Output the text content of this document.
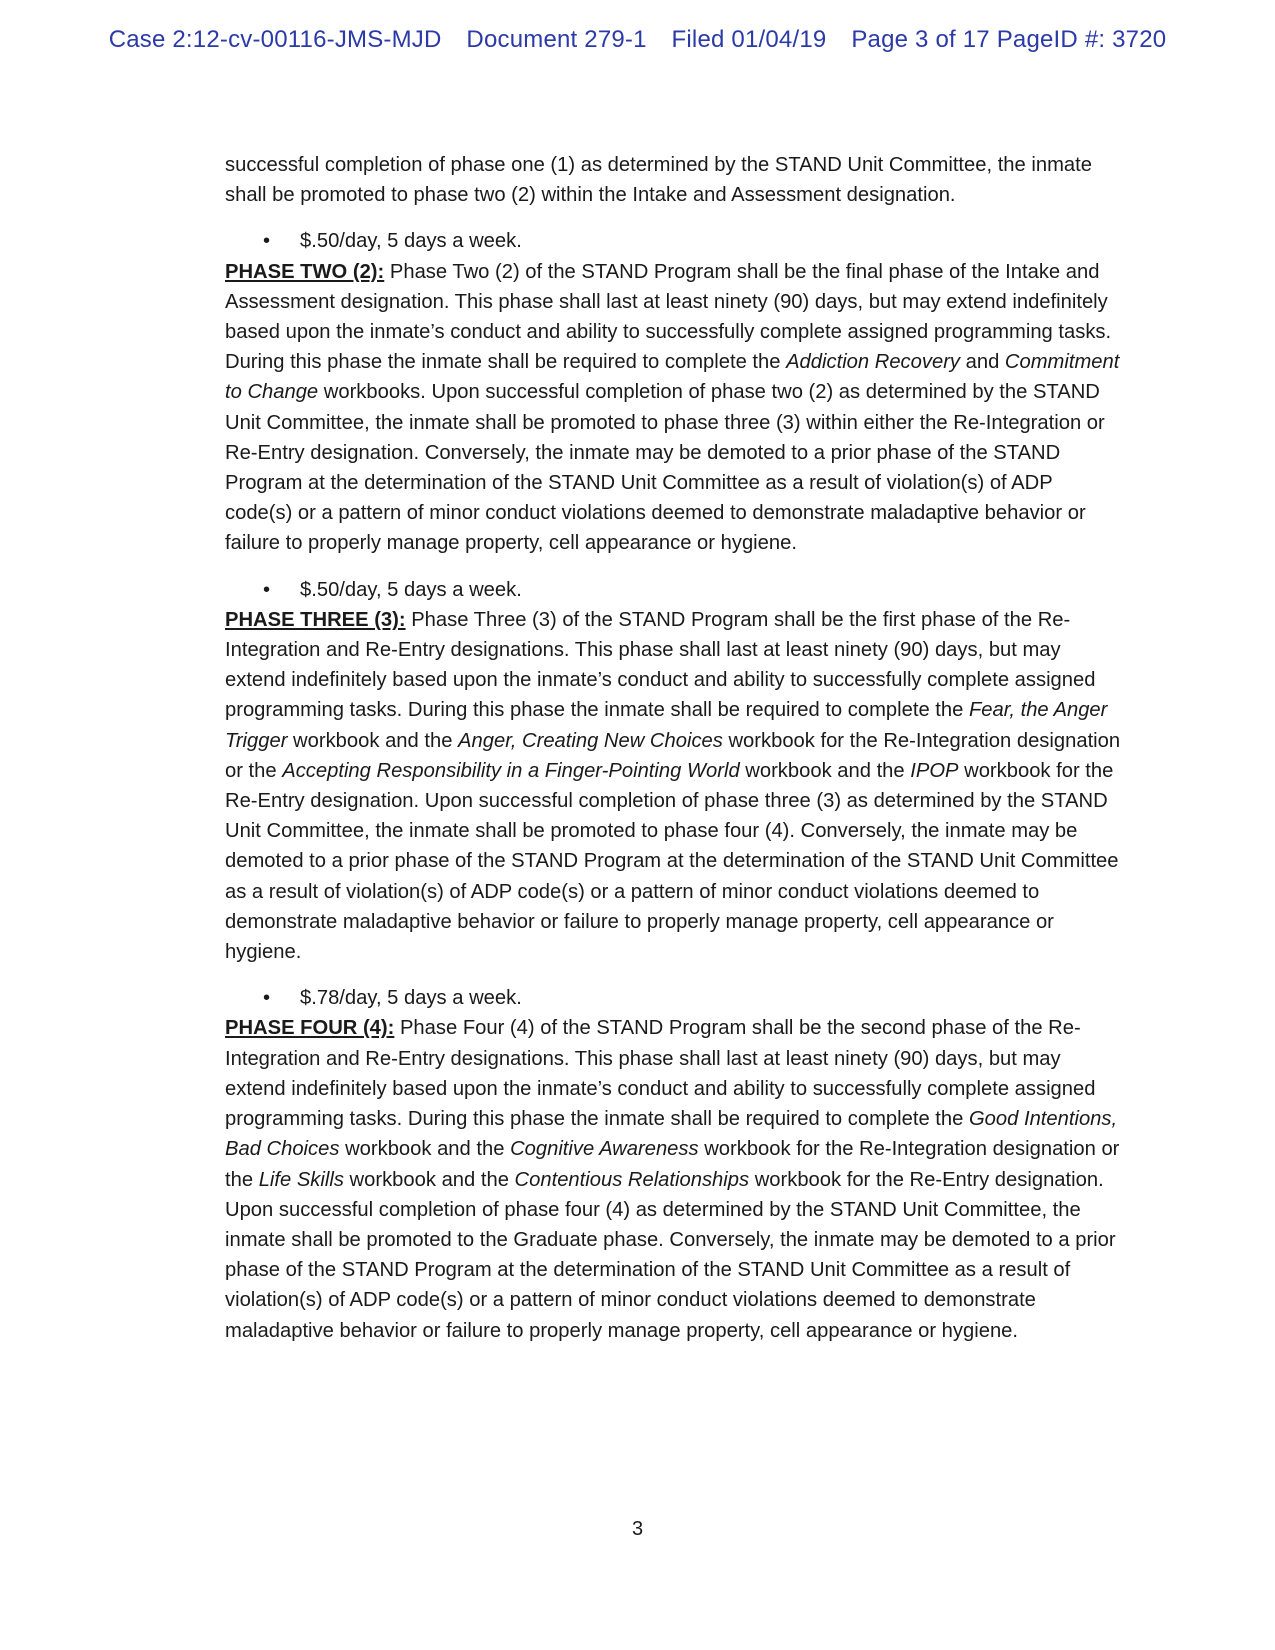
Case 2:12-cv-00116-JMS-MJD Document 279-1 Filed 01/04/19 Page 3 of 17 PageID #: 3720

successful completion of phase one (1) as determined by the STAND Unit Committee, the inmate shall be promoted to phase two (2) within the Intake and Assessment designation.

• $.50/day, 5 days a week.

PHASE TWO (2): Phase Two (2) of the STAND Program shall be the final phase of the Intake and Assessment designation. This phase shall last at least ninety (90) days, but may extend indefinitely based upon the inmate’s conduct and ability to successfully complete assigned programming tasks. During this phase the inmate shall be required to complete the Addiction Recovery and Commitment to Change workbooks. Upon successful completion of phase two (2) as determined by the STAND Unit Committee, the inmate shall be promoted to phase three (3) within either the Re-Integration or Re-Entry designation. Conversely, the inmate may be demoted to a prior phase of the STAND Program at the determination of the STAND Unit Committee as a result of violation(s) of ADP code(s) or a pattern of minor conduct violations deemed to demonstrate maladaptive behavior or failure to properly manage property, cell appearance or hygiene.

• $.50/day, 5 days a week.

PHASE THREE (3): Phase Three (3) of the STAND Program shall be the first phase of the Re-Integration and Re-Entry designations. This phase shall last at least ninety (90) days, but may extend indefinitely based upon the inmate’s conduct and ability to successfully complete assigned programming tasks. During this phase the inmate shall be required to complete the Fear, the Anger Trigger workbook and the Anger, Creating New Choices workbook for the Re-Integration designation or the Accepting Responsibility in a Finger-Pointing World workbook and the IPOP workbook for the Re-Entry designation. Upon successful completion of phase three (3) as determined by the STAND Unit Committee, the inmate shall be promoted to phase four (4). Conversely, the inmate may be demoted to a prior phase of the STAND Program at the determination of the STAND Unit Committee as a result of violation(s) of ADP code(s) or a pattern of minor conduct violations deemed to demonstrate maladaptive behavior or failure to properly manage property, cell appearance or hygiene.

• $.78/day, 5 days a week.

PHASE FOUR (4): Phase Four (4) of the STAND Program shall be the second phase of the Re-Integration and Re-Entry designations. This phase shall last at least ninety (90) days, but may extend indefinitely based upon the inmate’s conduct and ability to successfully complete assigned programming tasks. During this phase the inmate shall be required to complete the Good Intentions, Bad Choices workbook and the Cognitive Awareness workbook for the Re-Integration designation or the Life Skills workbook and the Contentious Relationships workbook for the Re-Entry designation. Upon successful completion of phase four (4) as determined by the STAND Unit Committee, the inmate shall be promoted to the Graduate phase. Conversely, the inmate may be demoted to a prior phase of the STAND Program at the determination of the STAND Unit Committee as a result of violation(s) of ADP code(s) or a pattern of minor conduct violations deemed to demonstrate maladaptive behavior or failure to properly manage property, cell appearance or hygiene.

3
